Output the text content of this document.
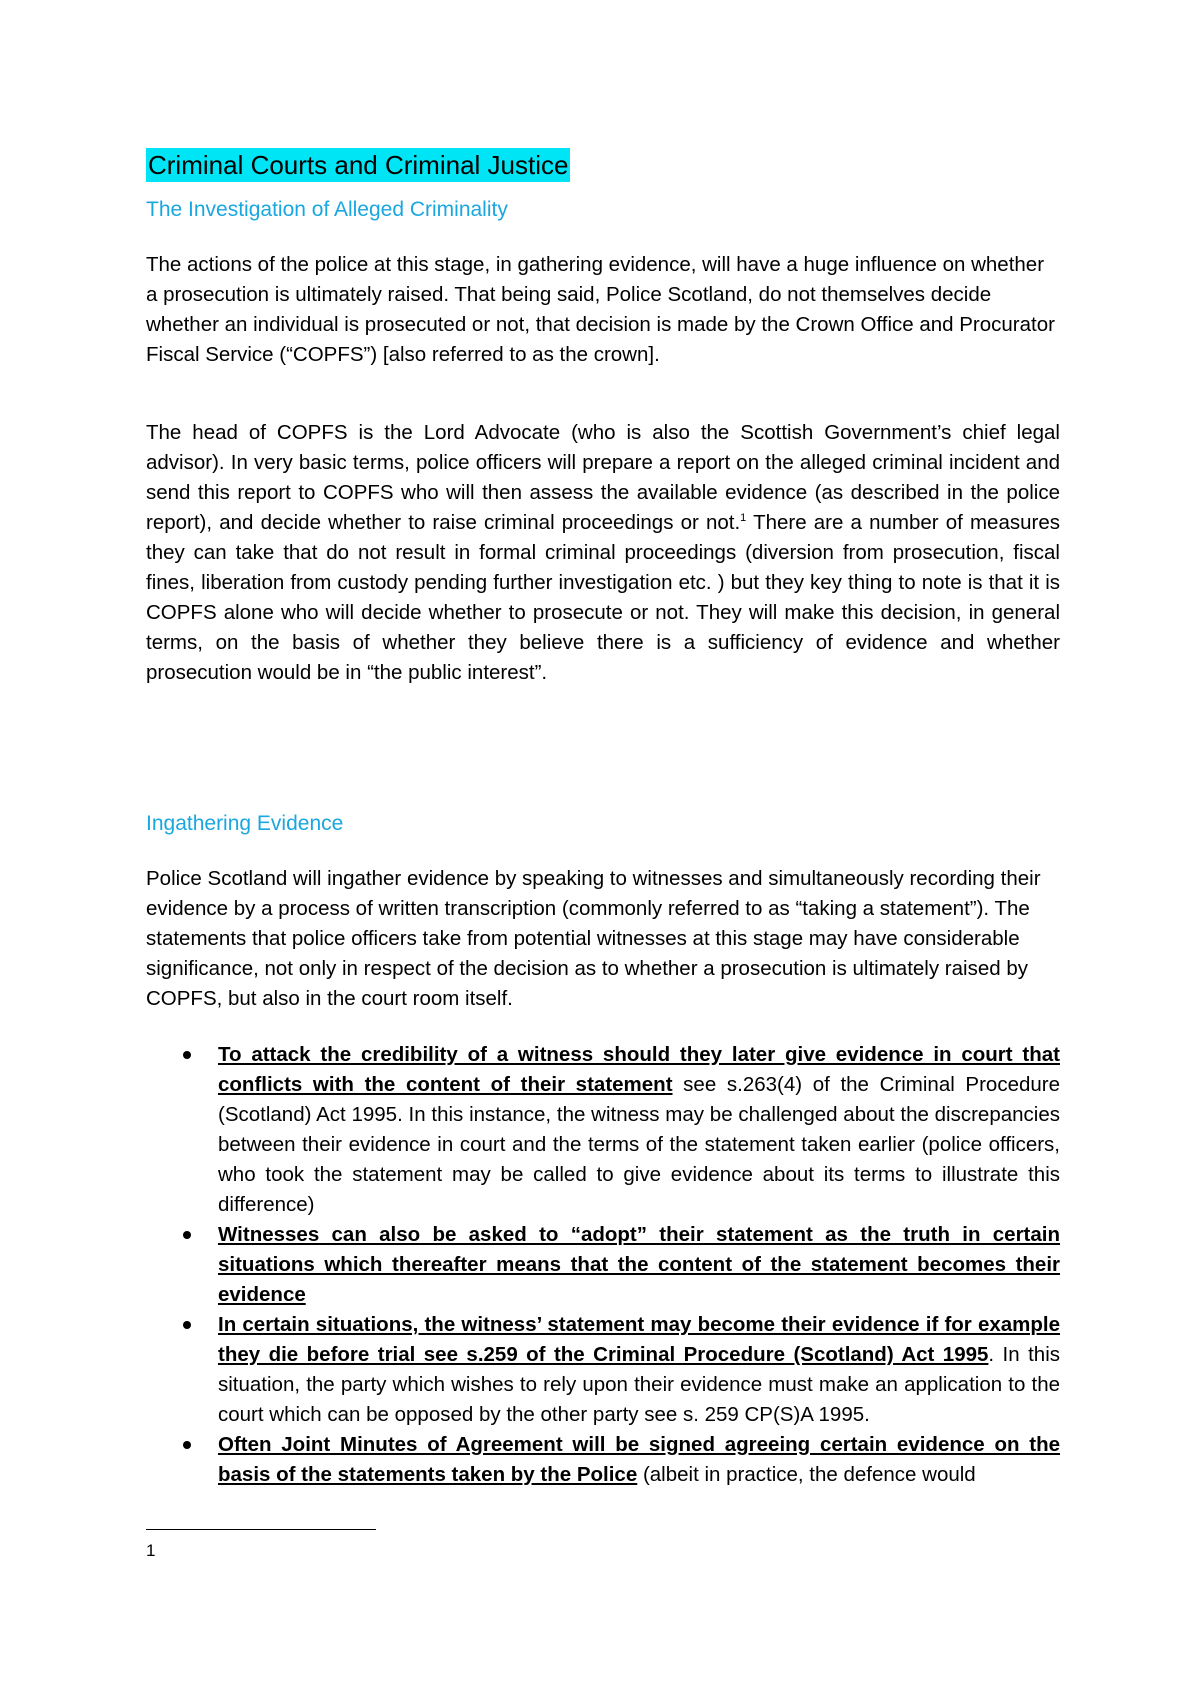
Criminal Courts and Criminal Justice
The Investigation of Alleged Criminality

The actions of the police at this stage, in gathering evidence, will have a huge influence on whether a prosecution is ultimately raised. That being said, Police Scotland, do not themselves decide whether an individual is prosecuted or not, that decision is made by the Crown Office and Procurator Fiscal Service (“COPFS”) [also referred to as the crown].

The head of COPFS is the Lord Advocate (who is also the Scottish Government’s chief legal advisor). In very basic terms, police officers will prepare a report on the alleged criminal incident and send this report to COPFS who will then assess the available evidence (as described in the police report), and decide whether to raise criminal proceedings or not.$^1$ There are a number of measures they can take that do not result in formal criminal proceedings (diversion from prosecution, fiscal fines, liberation from custody pending further investigation etc. ) but they key thing to note is that it is COPFS alone who will decide whether to prosecute or not. They will make this decision, in general terms, on the basis of whether they believe there is a sufficiency of evidence and whether prosecution would be in “the public interest”.

Ingathering Evidence

Police Scotland will ingather evidence by speaking to witnesses and simultaneously recording their evidence by a process of written transcription (commonly referred to as “taking a statement”). The statements that police officers take from potential witnesses at this stage may have considerable significance, not only in respect of the decision as to whether a prosecution is ultimately raised by COPFS, but also in the court room itself.

To attack the credibility of a witness should they later give evidence in court that conflicts with the content of their statement see s.263(4) of the Criminal Procedure (Scotland) Act 1995. In this instance, the witness may be challenged about the discrepancies between their evidence in court and the terms of the statement taken earlier (police officers, who took the statement may be called to give evidence about its terms to illustrate this difference)
Witnesses can also be asked to “adopt” their statement as the truth in certain situations which thereafter means that the content of the statement becomes their evidence
In certain situations, the witness’ statement may become their evidence if for example they die before trial see s.259 of the Criminal Procedure (Scotland) Act 1995. In this situation, the party which wishes to rely upon their evidence must make an application to the court which can be opposed by the other party see s. 259 CP(S)A 1995.
Often Joint Minutes of Agreement will be signed agreeing certain evidence on the basis of the statements taken by the Police (albeit in practice, the defence would
1
